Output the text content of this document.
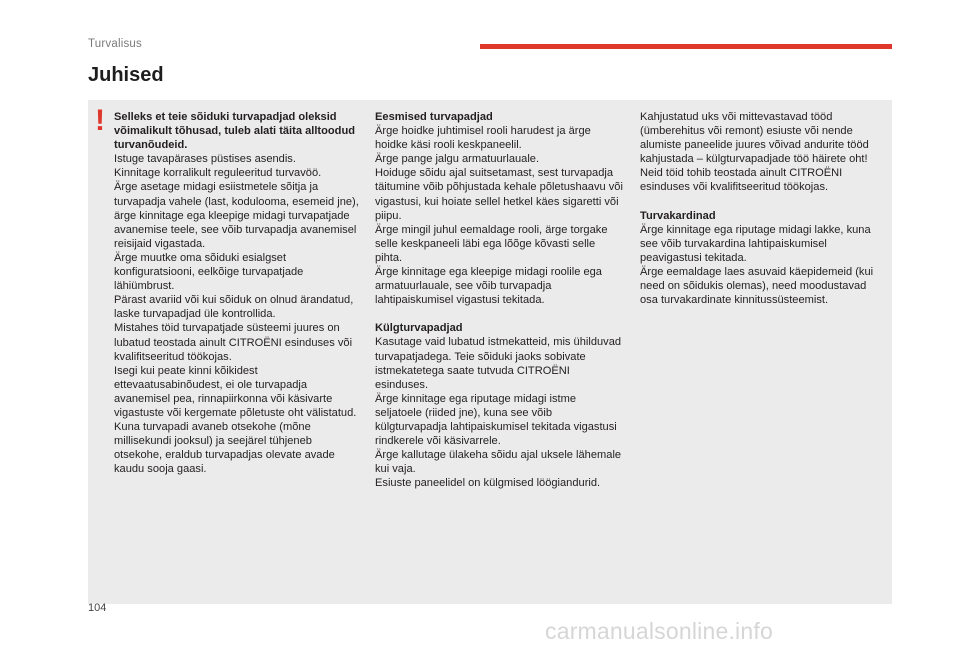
Turvalisus
Juhised
! Selleks et teie sõiduki turvapadjad oleksid võimalikult tõhusad, tuleb alati täita alltoodud turvanõudeid.
Istuge tavapärases püstises asendis.
Kinnitage korralikult reguleeritud turvavöö.
Ärge asetage midagi esiistmetele sõitja ja turvapadja vahele (last, kodulooma, esemeid jne), ärge kinnitage ega kleepige midagi turvapatjade avanemise teele, see võib turvapadja avanemisel reisijaid vigastada.
Ärge muutke oma sõiduki esialgset konfiguratsiooni, eelkõige turvapatjade lähiümbrust.
Pärast avariid või kui sõiduk on olnud ärandatud, laske turvapadjad üle kontrollida.
Mistahes töid turvapatjade süsteemi juures on lubatud teostada ainult CITROËNI esinduses või kvalifitseeritud töökojas.
Isegi kui peate kinni kõikidest ettevaatusabinõudest, ei ole turvapadja avanemisel pea, rinnapiirkonna või käsivarte vigastuste või kergemate põletuste oht välistatud. Kuna turvapadi avaneb otsekohe (mõne millisekundi jooksul) ja seejärel tühjeneb otsekohe, eraldub turvapadjas olevate avade kaudu sooja gaasi.
Eesmised turvapadjad
Ärge hoidke juhtimisel rooli harudest ja ärge hoidke käsi rooli keskpaneelil.
Ärge pange jalgu armatuurlauale.
Hoiduge sõidu ajal suitsetamast, sest turvapadja täitumine võib põhjustada kehale põletushaavu või vigastusi, kui hoiate sellel hetkel käes sigaretti või piipu.
Ärge mingil juhul eemaldage rooli, ärge torgake selle keskpaneeli läbi ega lõõge kõvasti selle pihta.
Ärge kinnitage ega kleepige midagi roolile ega armatuurlauale, see võib turvapadja lahtipaiskumisel vigastusi tekitada.
Külgturvapadjad
Kasutage vaid lubatud istmekatteid, mis ühilduvad turvapatjadega. Teie sõiduki jaoks sobivate istmekatetega saate tutvuda CITROËNI esinduses.
Ärge kinnitage ega riputage midagi istme seljatoele (riided jne), kuna see võib külgturvapadja lahtipaiskumisel tekitada vigastusi rindkerele või käsivarrele.
Ärge kallutage ülakeha sõidu ajal uksele lähemale kui vaja.
Esiuste paneelidel on külgmised löögiandurid.
Kahjustatud uks või mittevastavad tööd (ümberehitus või remont) esiuste või nende alumiste paneelide juures võivad andurite tööd kahjustada – külgturvapadjade töö häirete oht!
Neid töid tohib teostada ainult CITROËNI esinduses või kvalifitseeritud töökojas.
Turvakardinad
Ärge kinnitage ega riputage midagi lakke, kuna see võib turvakardina lahtipaiskumisel peavigastusi tekitada.
Ärge eemaldage laes asuvaid käepidemeid (kui need on sõidukis olemas), need moodustavad osa turvakardinate kinnitussüsteemist.
104
carmanualsonline.info
